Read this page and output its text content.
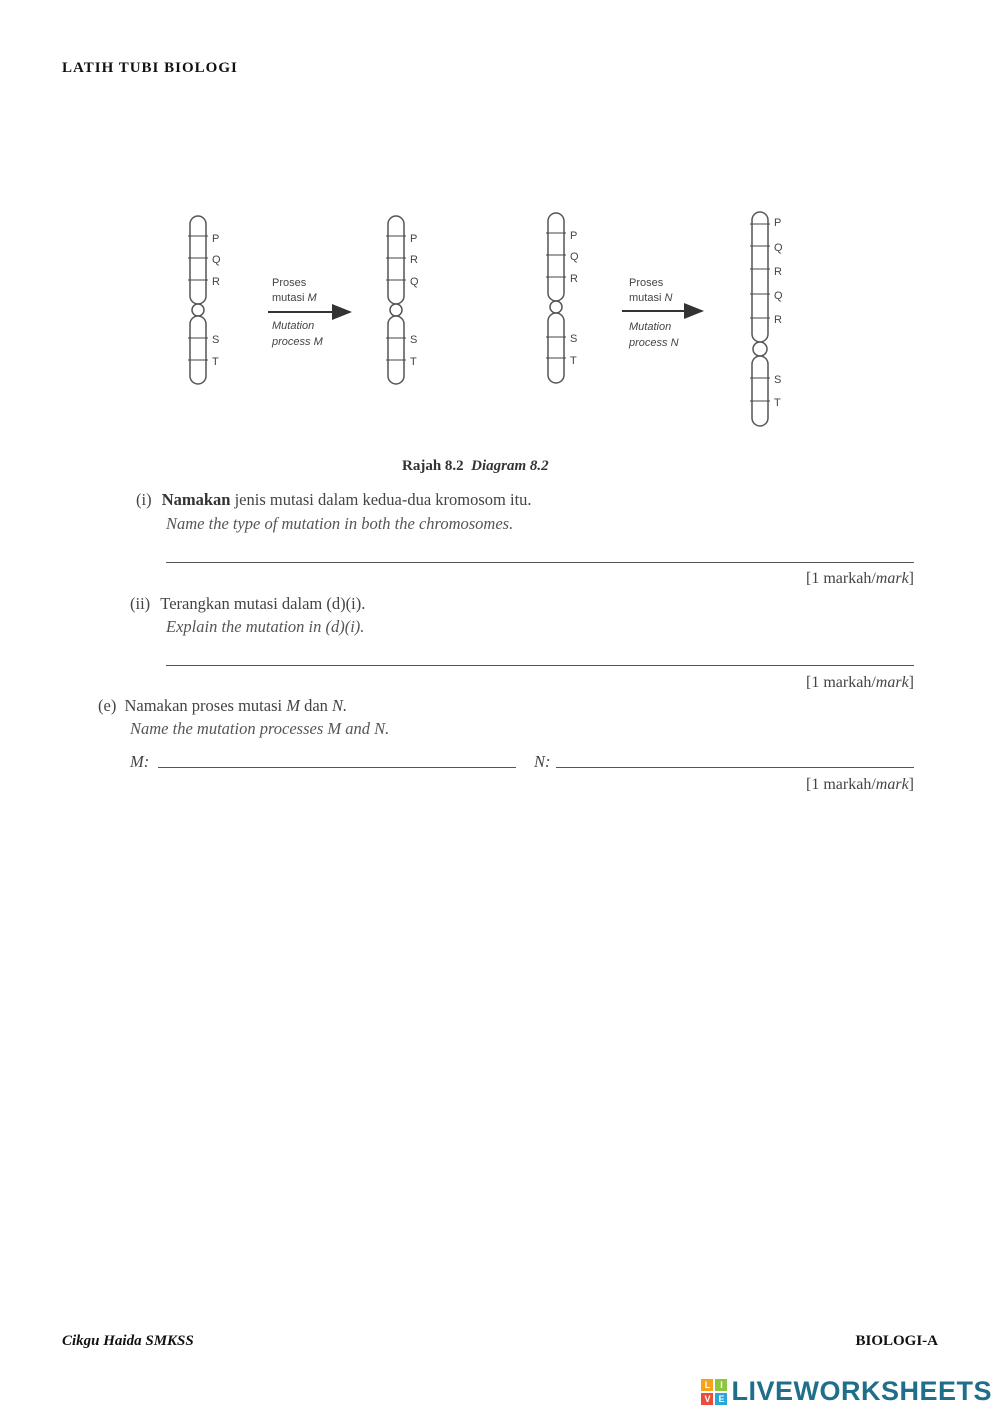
LATIH TUBI BIOLOGI
P
Q
R
S
T
Proses
mutasi M
Mutation
process M
P
R
Q
S
T
P
Q
R
S
T
Proses
mutasi N
Mutation
process N
P
Q
R
Q
R
S
T
Rajah 8.2 Diagram 8.2
(i) Namakan jenis mutasi dalam kedua-dua kromosom itu.
Name the type of mutation in both the chromosomes.
[1 markah/mark]
(ii) Terangkan mutasi dalam (d)(i).
Explain the mutation in (d)(i).
[1 markah/mark]
(e) Namakan proses mutasi M dan N.
Name the mutation processes M and N.
M:	N:
[1 markah/mark]
Cikgu Haida SMKSS	BIOLOGI-A
L	I
V E LIVEWORKSHEETS
